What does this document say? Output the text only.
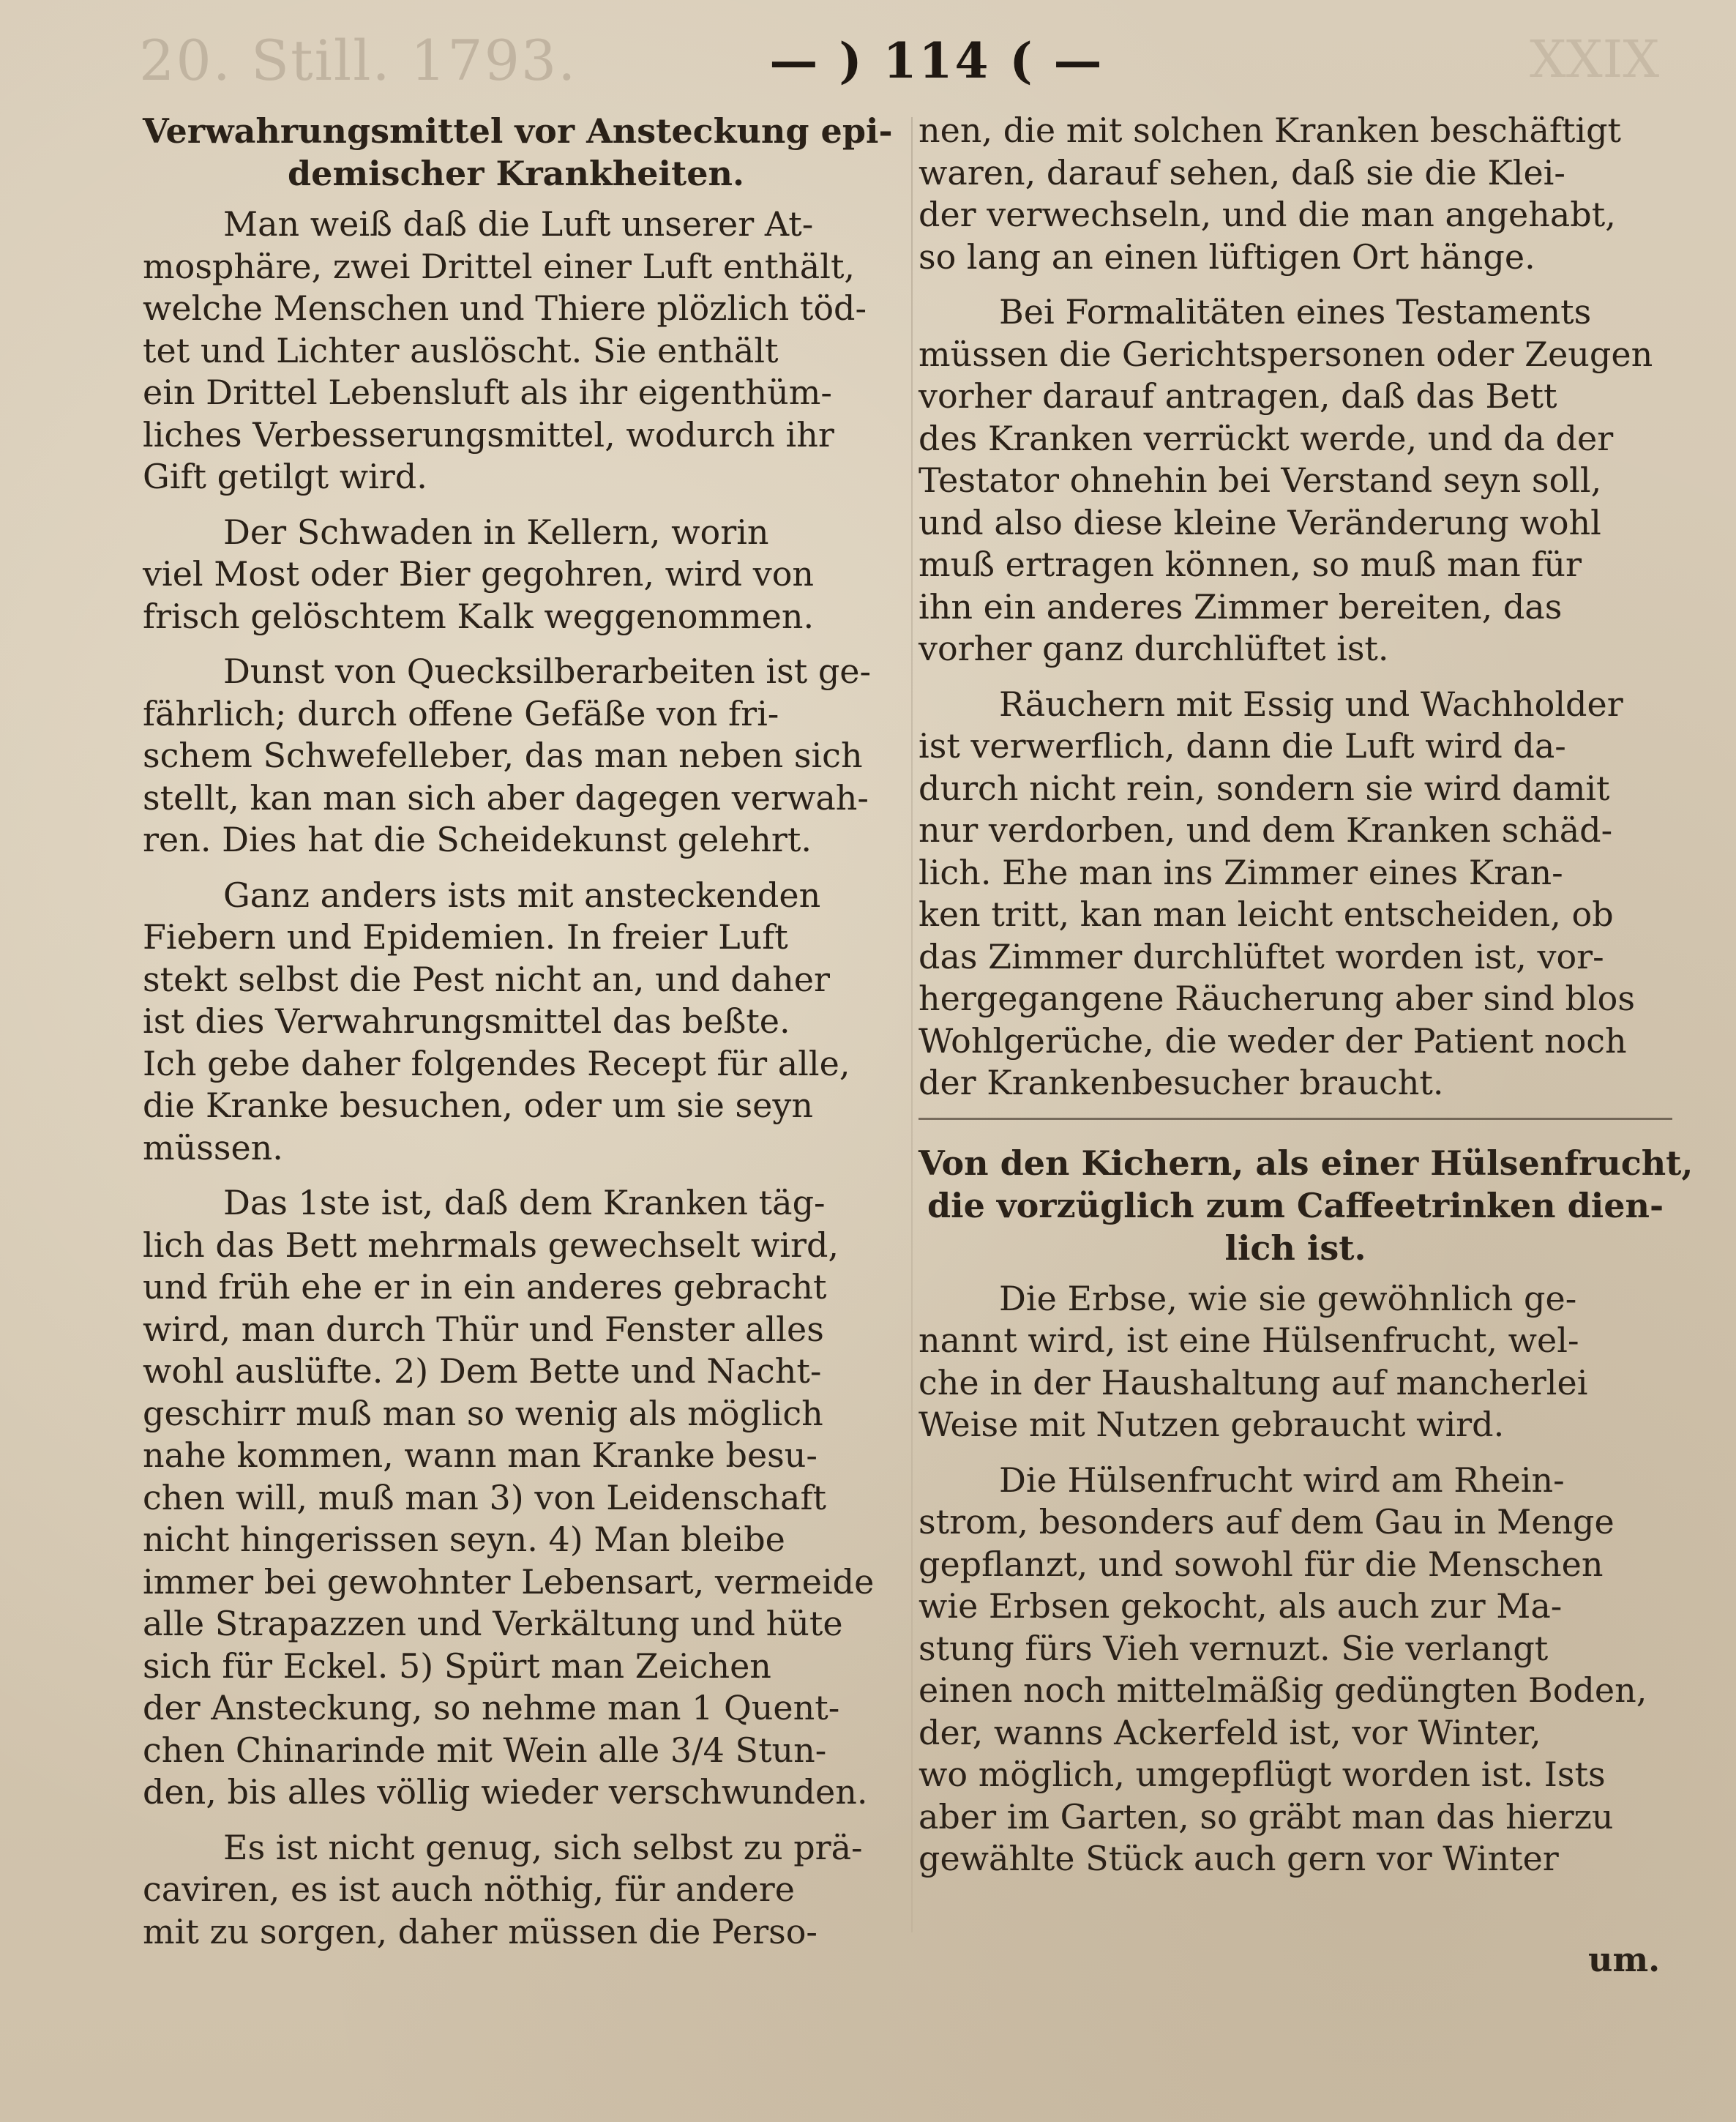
20. Still. 1793.	— ) 114 ( —	XXIX
Verwahrungsmittel vor Ansteckung epi-
demischer Krankheiten.
Man weiß daß die Luft unserer At-
mosphäre, zwei Drittel einer Luft enthält,
welche Menschen und Thiere plözlich töd-
tet und Lichter auslöscht. Sie enthält
ein Drittel Lebensluft als ihr eigenthüm-
liches Verbesserungsmittel, wodurch ihr
Gift getilgt wird.
Der Schwaden in Kellern, worin
viel Most oder Bier gegohren, wird von
frisch gelöschtem Kalk weggenommen.
Dunst von Quecksilberarbeiten ist ge-
fährlich; durch offene Gefäße von fri-
schem Schwefelleber, das man neben sich
stellt, kan man sich aber dagegen verwah-
ren. Dies hat die Scheidekunst gelehrt.
Ganz anders ists mit ansteckenden
Fiebern und Epidemien. In freier Luft
stekt selbst die Pest nicht an, und daher
ist dies Verwahrungsmittel das beßte.
Ich gebe daher folgendes Recept für alle,
die Kranke besuchen, oder um sie seyn
müssen.
Das 1ste ist, daß dem Kranken täg-
lich das Bett mehrmals gewechselt wird,
und früh ehe er in ein anderes gebracht
wird, man durch Thür und Fenster alles
wohl auslüfte. 2) Dem Bette und Nacht-
geschirr muß man so wenig als möglich
nahe kommen, wann man Kranke besu-
chen will, muß man 3) von Leidenschaft
nicht hingerissen seyn. 4) Man bleibe
immer bei gewohnter Lebensart, vermeide
alle Strapazzen und Verkältung und hüte
sich für Eckel. 5) Spürt man Zeichen
der Ansteckung, so nehme man 1 Quent-
chen Chinarinde mit Wein alle 3/4 Stun-
den, bis alles völlig wieder verschwunden.
Es ist nicht genug, sich selbst zu prä-
caviren, es ist auch nöthig, für andere
mit zu sorgen, daher müssen die Perso-
nen, die mit solchen Kranken beschäftigt
waren, darauf sehen, daß sie die Klei-
der verwechseln, und die man angehabt,
so lang an einen lüftigen Ort hänge.
Bei Formalitäten eines Testaments
müssen die Gerichtspersonen oder Zeugen
vorher darauf antragen, daß das Bett
des Kranken verrückt werde, und da der
Testator ohnehin bei Verstand seyn soll,
und also diese kleine Veränderung wohl
muß ertragen können, so muß man für
ihn ein anderes Zimmer bereiten, das
vorher ganz durchlüftet ist.
Räuchern mit Essig und Wachholder
ist verwerflich, dann die Luft wird da-
durch nicht rein, sondern sie wird damit
nur verdorben, und dem Kranken schäd-
lich. Ehe man ins Zimmer eines Kran-
ken tritt, kan man leicht entscheiden, ob
das Zimmer durchlüftet worden ist, vor-
hergegangene Räucherung aber sind blos
Wohlgerüche, die weder der Patient noch
der Krankenbesucher braucht.
Von den Kichern, als einer Hülsenfrucht,
die vorzüglich zum Caffeetrinken dien-
lich ist.
Die Erbse, wie sie gewöhnlich ge-
nannt wird, ist eine Hülsenfrucht, wel-
che in der Haushaltung auf mancherlei
Weise mit Nutzen gebraucht wird.
Die Hülsenfrucht wird am Rhein-
strom, besonders auf dem Gau in Menge
gepflanzt, und sowohl für die Menschen
wie Erbsen gekocht, als auch zur Ma-
stung fürs Vieh vernuzt. Sie verlangt
einen noch mittelmäßig gedüngten Boden,
der, wanns Ackerfeld ist, vor Winter,
wo möglich, umgepflügt worden ist. Ists
aber im Garten, so gräbt man das hierzu
gewählte Stück auch gern vor Winter
um.
